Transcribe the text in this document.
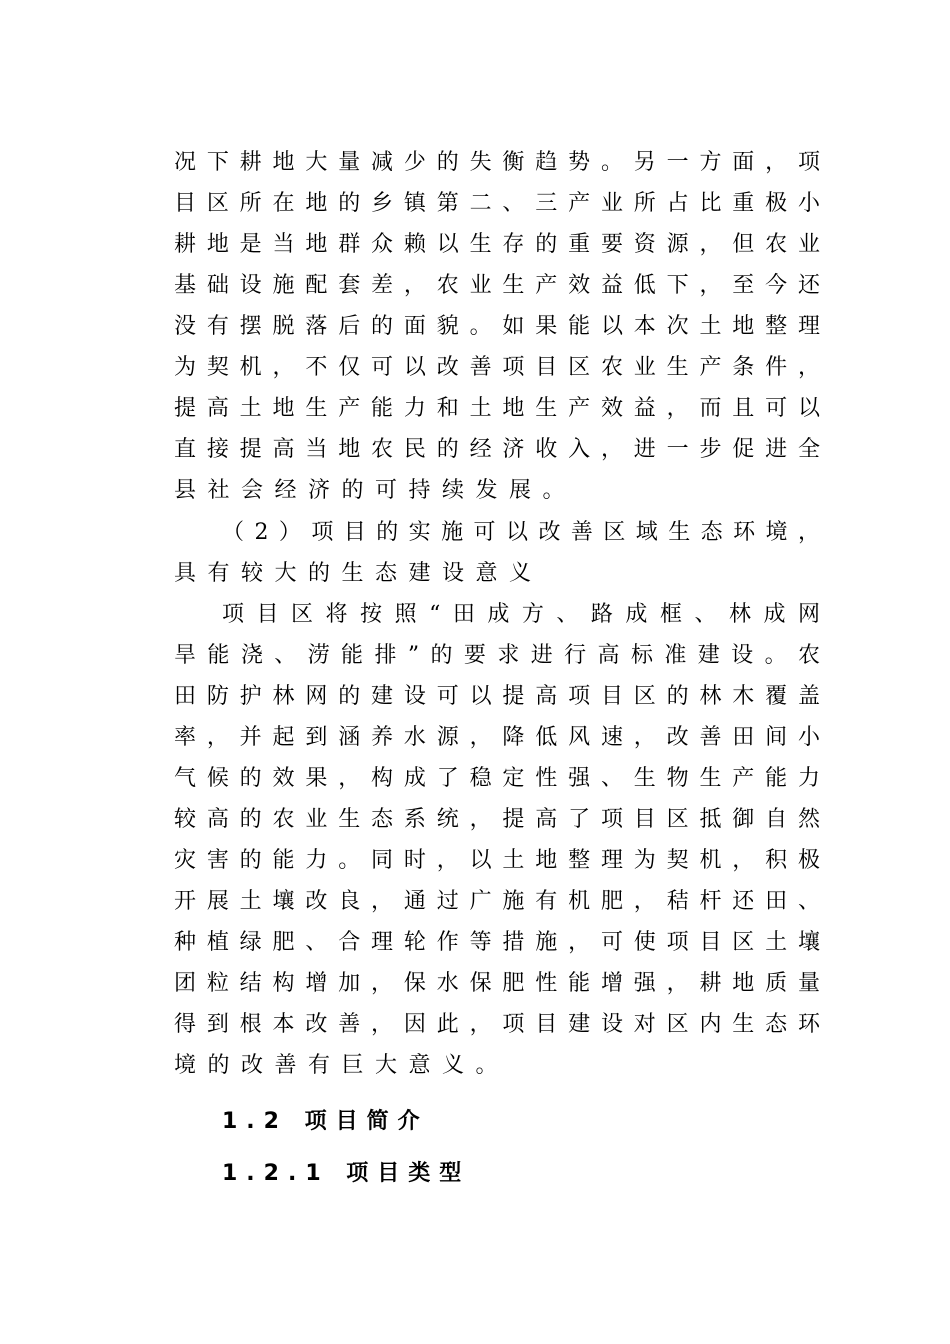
况下耕地大量减少的失衡趋势。另一方面，项
目区所在地的乡镇第二、三产业所占比重极小
耕地是当地群众赖以生存的重要资源，但农业
基础设施配套差，农业生产效益低下，至今还
没有摆脱落后的面貌。如果能以本次土地整理
为契机，不仅可以改善项目区农业生产条件，
提高土地生产能力和土地生产效益，而且可以
直接提高当地农民的经济收入，进一步促进全
县社会经济的可持续发展。
（2）项目的实施可以改善区域生态环境，
具有较大的生态建设意义
项目区将按照“田成方、路成框、林成网
旱能浇、涝能排”的要求进行高标准建设。农
田防护林网的建设可以提高项目区的林木覆盖
率，并起到涵养水源，降低风速，改善田间小
气候的效果，构成了稳定性强、生物生产能力
较高的农业生态系统，提高了项目区抵御自然
灾害的能力。同时，以土地整理为契机，积极
开展土壤改良，通过广施有机肥，秸杆还田、
种植绿肥、合理轮作等措施，可使项目区土壤
团粒结构增加，保水保肥性能增强，耕地质量
得到根本改善，因此，项目建设对区内生态环
境的改善有巨大意义。
1.2 项目简介
1.2.1 项目类型
